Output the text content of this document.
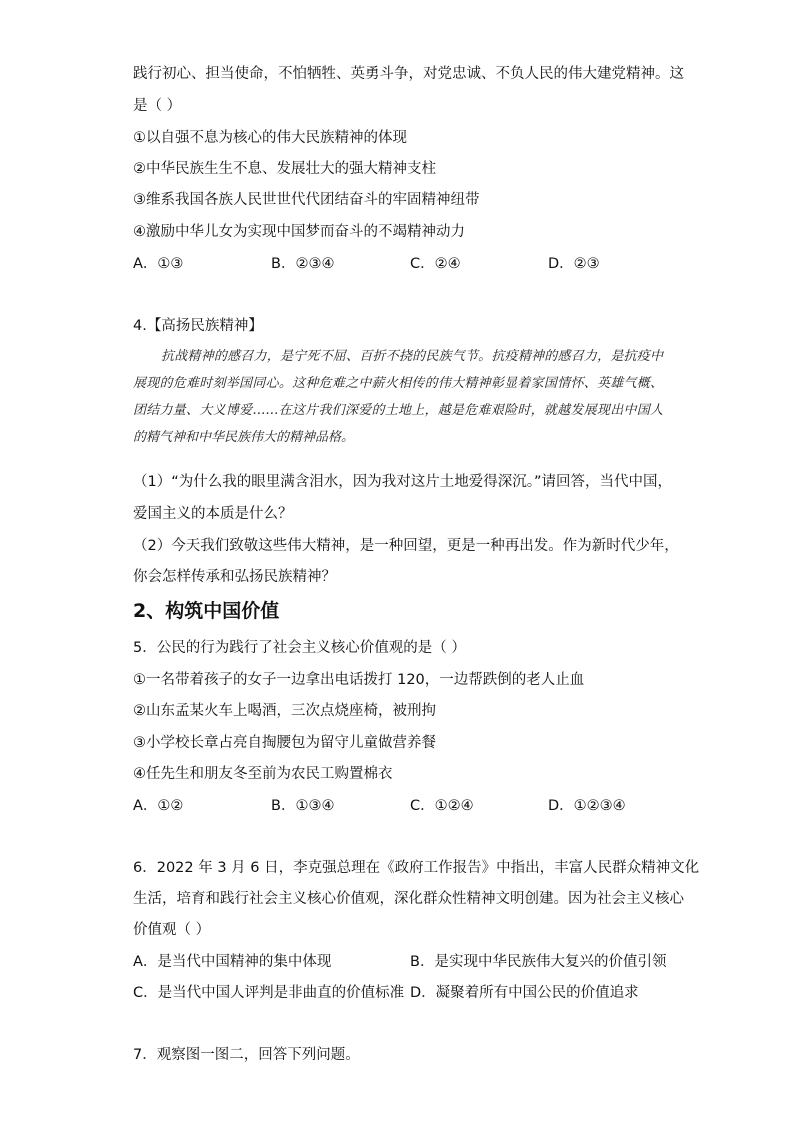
践行初心、担当使命，不怕牺牲、英勇斗争，对党忠诚、不负人民的伟大建党精神。这
是（ ）
①以自强不息为核心的伟大民族精神的体现
②中华民族生生不息、发展壮大的强大精神支柱
③维系我国各族人民世世代代团结奋斗的牢固精神纽带
④激励中华儿女为实现中国梦而奋斗的不竭精神动力
A．①③	B．②③④	C．②④	D．②③
4.【高扬民族精神】

抗战精神的感召力，是宁死不屈、百折不挠的民族气节。抗疫精神的感召力，是抗疫中展现的危难时刻举国同心。这种危难之中薪火相传的伟大精神彰显着家国情怀、英雄气概、团结力量、大义博爱……在这片我们深爱的土地上，越是危难艰险时，就越发展现出中国人的精气神和中华民族伟大的精神品格。

（1）“为什么我的眼里满含泪水，因为我对这片土地爱得深沉。”请回答，当代中国，
爱国主义的本质是什么？
（2）今天我们致敬这些伟大精神，是一种回望，更是一种再出发。作为新时代少年，
你会怎样传承和弘扬民族精神？
2、构筑中国价值
5．公民的行为践行了社会主义核心价值观的是（ ）
①一名带着孩子的女子一边拿出电话拨打 120，一边帮跌倒的老人止血
②山东孟某火车上喝酒，三次点烧座椅，被刑拘
③小学校长章占亮自掏腰包为留守儿童做营养餐
④任先生和朋友冬至前为农民工购置棉衣
A．①②	B．①③④	C．①②④	D．①②③④
6．2022 年 3 月 6 日，李克强总理在《政府工作报告》中指出，丰富人民群众精神文化
生活，培育和践行社会主义核心价值观，深化群众性精神文明创建。因为社会主义核心
价值观（ ）
A．是当代中国精神的集中体现	B．是实现中华民族伟大复兴的价值引领
C．是当代中国人评判是非曲直的价值标准 D．凝聚着所有中国公民的价值追求
7．观察图一图二，回答下列问题。
